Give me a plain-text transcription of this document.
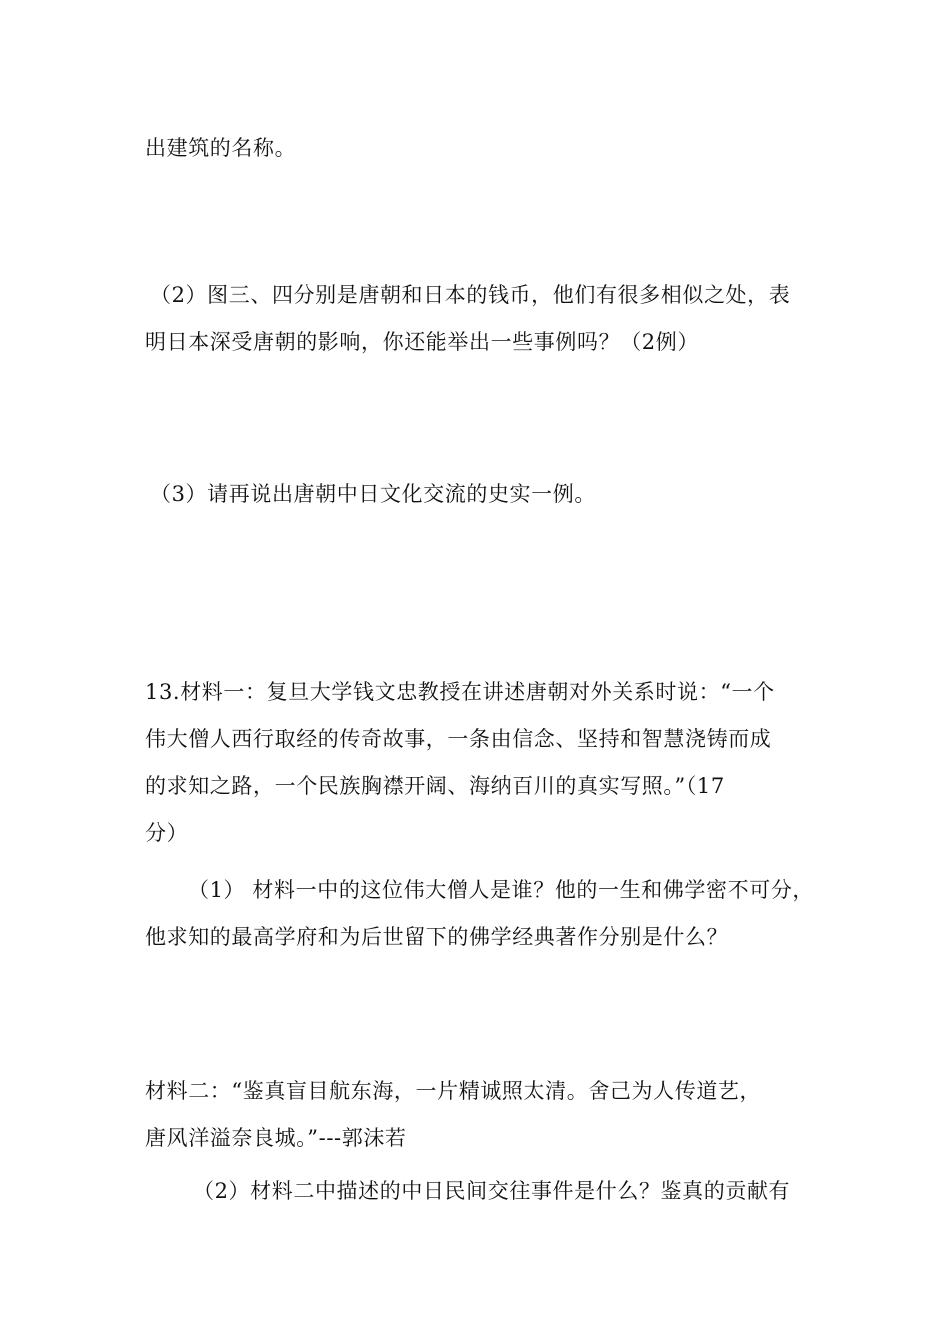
出建筑的名称。
（2）图三、四分别是唐朝和日本的钱币，他们有很多相似之处，表
明日本深受唐朝的影响，你还能举出一些事例吗？（2例）
（3）请再说出唐朝中日文化交流的史实一例。
13.材料一：复旦大学钱文忠教授在讲述唐朝对外关系时说：“一个
伟大僧人西行取经的传奇故事，一条由信念、坚持和智慧浇铸而成
的求知之路，一个民族胸襟开阔、海纳百川的真实写照。”（17
分）
（1） 材料一中的这位伟大僧人是谁？他的一生和佛学密不可分，
他求知的最高学府和为后世留下的佛学经典著作分别是什么？
材料二：“鉴真盲目航东海，一片精诚照太清。舍己为人传道艺，
唐风洋溢奈良城。”---郭沫若
（2）材料二中描述的中日民间交往事件是什么？鉴真的贡献有
